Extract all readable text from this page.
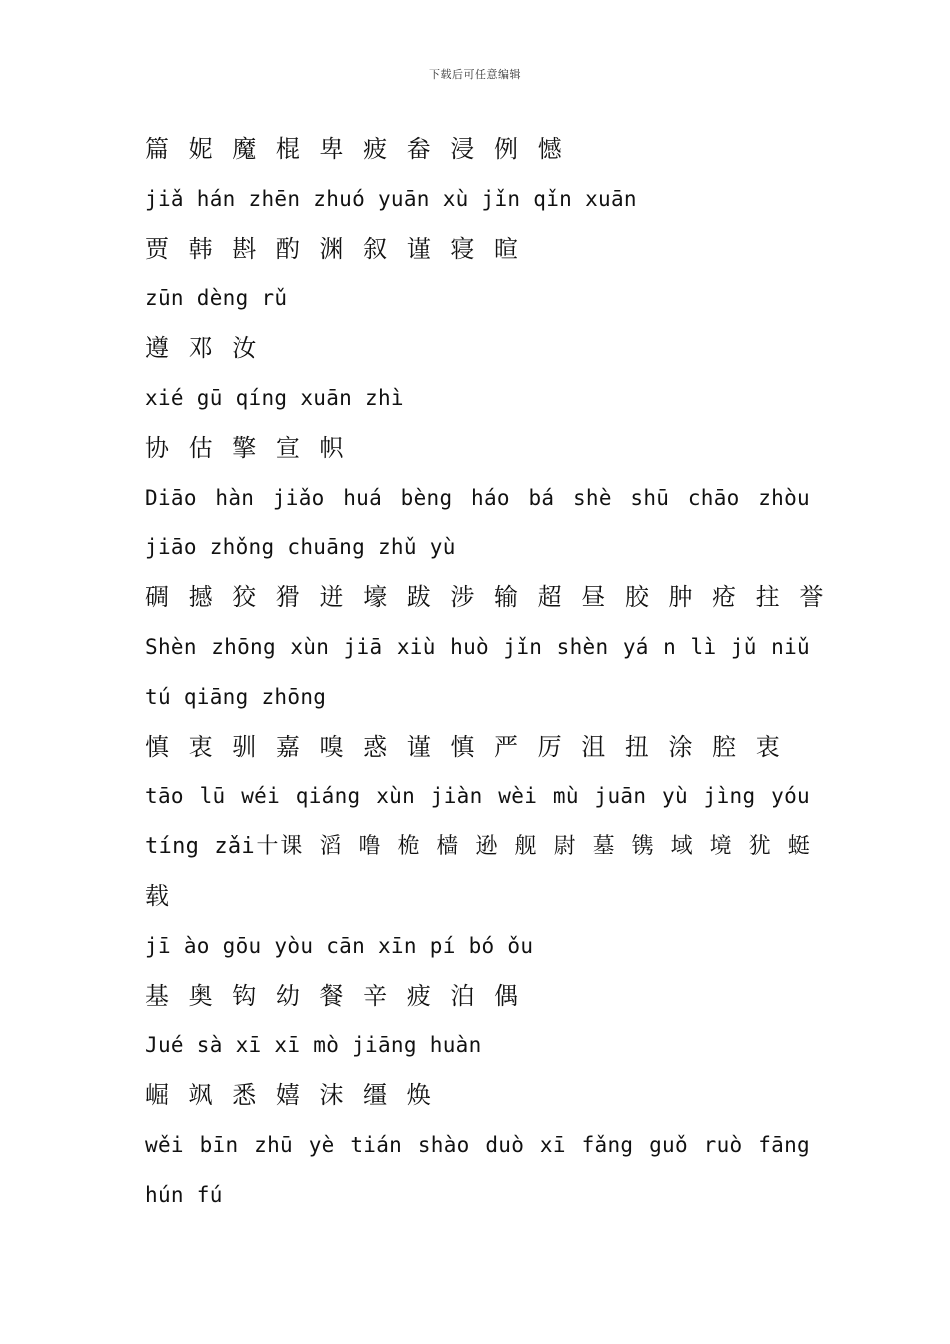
下载后可任意编辑
篇 妮 魔 棍 卑 疲 畚 浸 例 憾
jiǎ hán zhēn zhuó yuān xù jǐn qǐn xuān
贾 韩 斟 酌 渊 叙 谨 寝 暄
zūn dèng rǔ
遵 邓 汝
xié gū qíng xuān zhì
协 估 擎 宣 帜
Diāo hàn jiǎo huá bèng háo bá shè shū chāo zhòu
jiāo zhǒng chuāng zhǔ yù
碉 撼 狡 猾 迸 壕 跋 涉 输 超 昼 胶 肿 疮 拄 誉
Shèn zhōng xùn jiā xiù huò jǐn shèn yá n lì jǔ niǔ
tú qiāng zhōng
慎 衷 驯 嘉 嗅 惑 谨 慎 严 厉 沮 扭 涂 腔 衷
tāo lū wéi qiáng xùn jiàn wèi mù juān yù jìng yóu
tíng zǎi十课 滔 噜 桅 樯 逊 舰 尉 墓 镌 域 境 犹 蜓
载
jī ào gōu yòu cān xīn pí bó ǒu
基 奥 钩 幼 餐 辛 疲 泊 偶
Jué sà xī xī mò jiāng huàn
崛 飒 悉 嬉 沫 缰 焕
wěi bīn zhū yè tián shào duò xī fǎng guǒ ruò fāng
hún fú
